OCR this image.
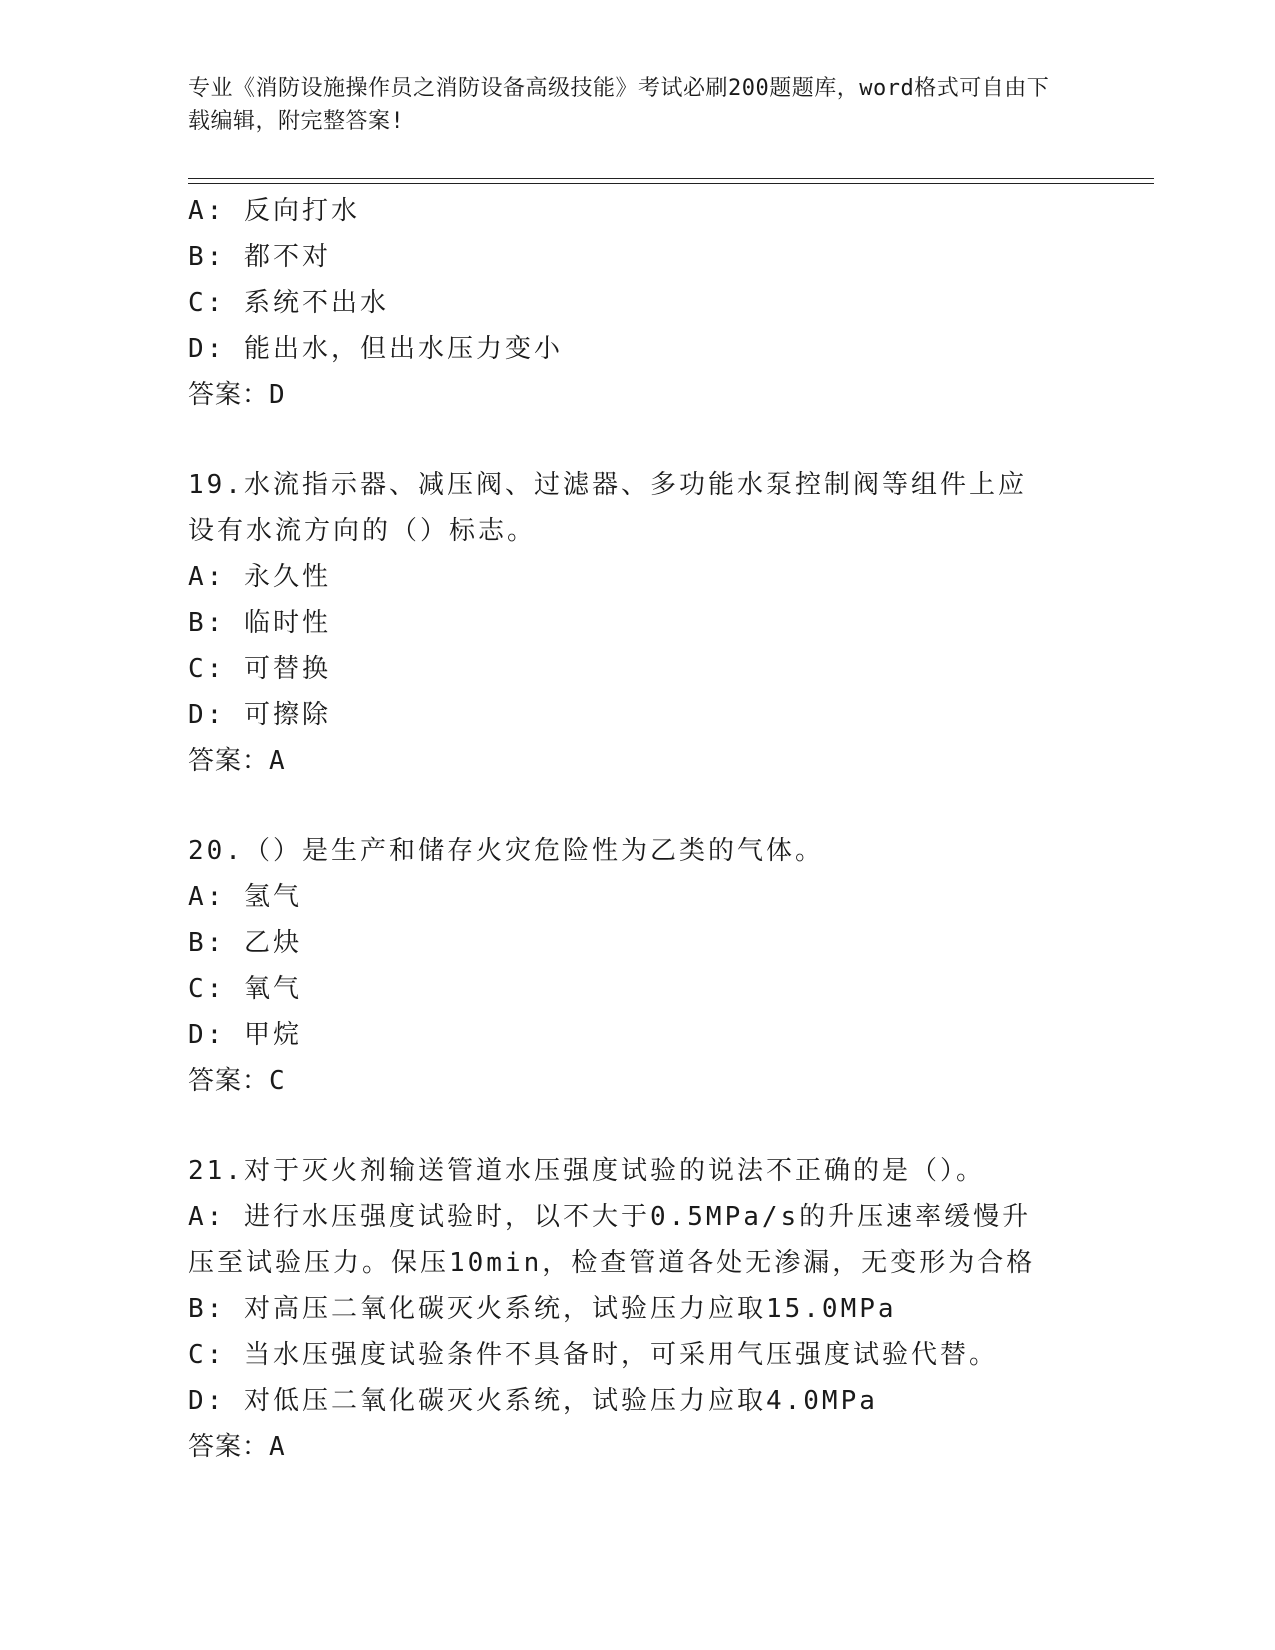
专业《消防设施操作员之消防设备高级技能》考试必刷200题题库，word格式可自由下载编辑，附完整答案!
A: 反向打水
B: 都不对
C: 系统不出水
D: 能出水，但出水压力变小
答案：D
19.水流指示器、减压阀、过滤器、多功能水泵控制阀等组件上应设有水流方向的（）标志。
A: 永久性
B: 临时性
C: 可替换
D: 可擦除
答案：A
20.（）是生产和储存火灾危险性为乙类的气体。
A: 氢气
B: 乙炔
C: 氧气
D: 甲烷
答案：C
21.对于灭火剂输送管道水压强度试验的说法不正确的是（）。
A: 进行水压强度试验时，以不大于0.5MPa/s的升压速率缓慢升压至试验压力。保压10min，检查管道各处无渗漏，无变形为合格
B: 对高压二氧化碳灭火系统，试验压力应取15.0MPa
C: 当水压强度试验条件不具备时，可采用气压强度试验代替。
D: 对低压二氧化碳灭火系统，试验压力应取4.0MPa
答案：A
